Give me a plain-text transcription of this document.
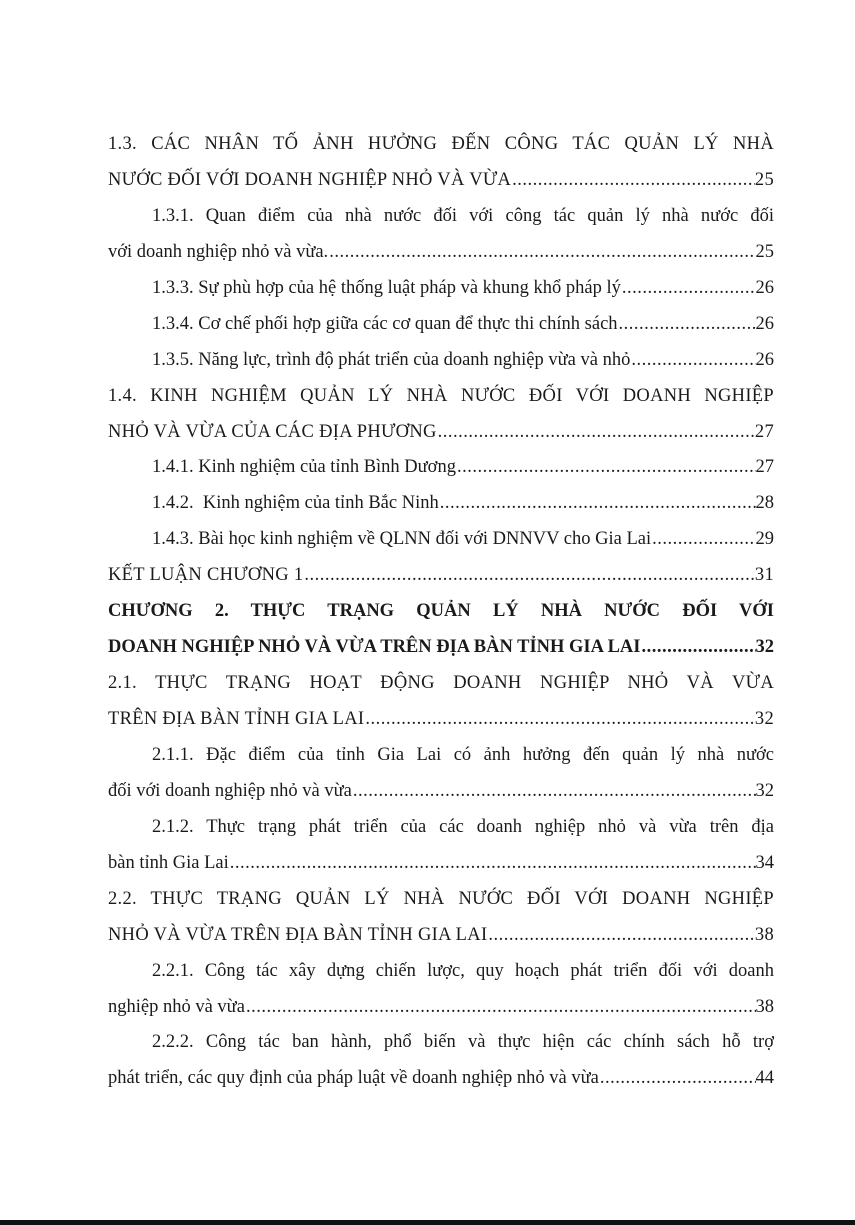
1.3. CÁC NHÂN TỐ ẢNH HƯỞNG ĐẾN CÔNG TÁC QUẢN LÝ NHÀ
NƯỚC ĐỐI VỚI DOANH NGHIỆP NHỎ VÀ VỪA .....	25
1.3.1. Quan điểm của nhà nước đối với công tác quản lý nhà nước đối
với doanh nghiệp nhỏ và vừa. .....	25
1.3.3. Sự phù hợp của hệ thống luật pháp và khung khổ pháp lý .....	26
1.3.4. Cơ chế phối hợp giữa các cơ quan để thực thi chính sách .....	26
1.3.5. Năng lực, trình độ phát triển của doanh nghiệp vừa và nhỏ .....	26
1.4. KINH NGHIỆM QUẢN LÝ NHÀ NƯỚC ĐỐI VỚI DOANH NGHIỆP
NHỎ VÀ VỪA CỦA CÁC ĐỊA PHƯƠNG .....	27
1.4.1. Kinh nghiệm của tỉnh Bình Dương .....	27
1.4.2.  Kinh nghiệm của tỉnh Bắc Ninh .....	28
1.4.3. Bài học kinh nghiệm về QLNN đối với DNNVV cho Gia Lai .....	29
KẾT LUẬN CHƯƠNG 1 .....	31
CHƯƠNG 2. THỰC TRẠNG QUẢN LÝ NHÀ NƯỚC ĐỐI VỚI
DOANH NGHIỆP NHỎ VÀ VỪA TRÊN ĐỊA BÀN TỈNH GIA LAI .....	32
2.1. THỰC TRẠNG HOẠT ĐỘNG DOANH NGHIỆP NHỎ VÀ VỪA
TRÊN ĐỊA BÀN TỈNH GIA LAI .....	32
2.1.1. Đặc điểm của tỉnh Gia Lai có ảnh hưởng đến quản lý nhà nước
đối với doanh nghiệp nhỏ và vừa .....	32
2.1.2. Thực trạng phát triển của các doanh nghiệp nhỏ và vừa trên địa
bàn tỉnh Gia Lai .....	34
2.2. THỰC TRẠNG QUẢN LÝ NHÀ NƯỚC ĐỐI VỚI DOANH NGHIỆP
NHỎ VÀ VỪA TRÊN ĐỊA BÀN TỈNH GIA LAI .....	38
2.2.1. Công tác xây dựng chiến lược, quy hoạch phát triển đối với doanh
nghiệp nhỏ và vừa .....	38
2.2.2. Công tác ban hành, phổ biến và thực hiện các chính sách hỗ trợ
phát triển, các quy định của pháp luật về doanh nghiệp nhỏ và vừa .....	44
